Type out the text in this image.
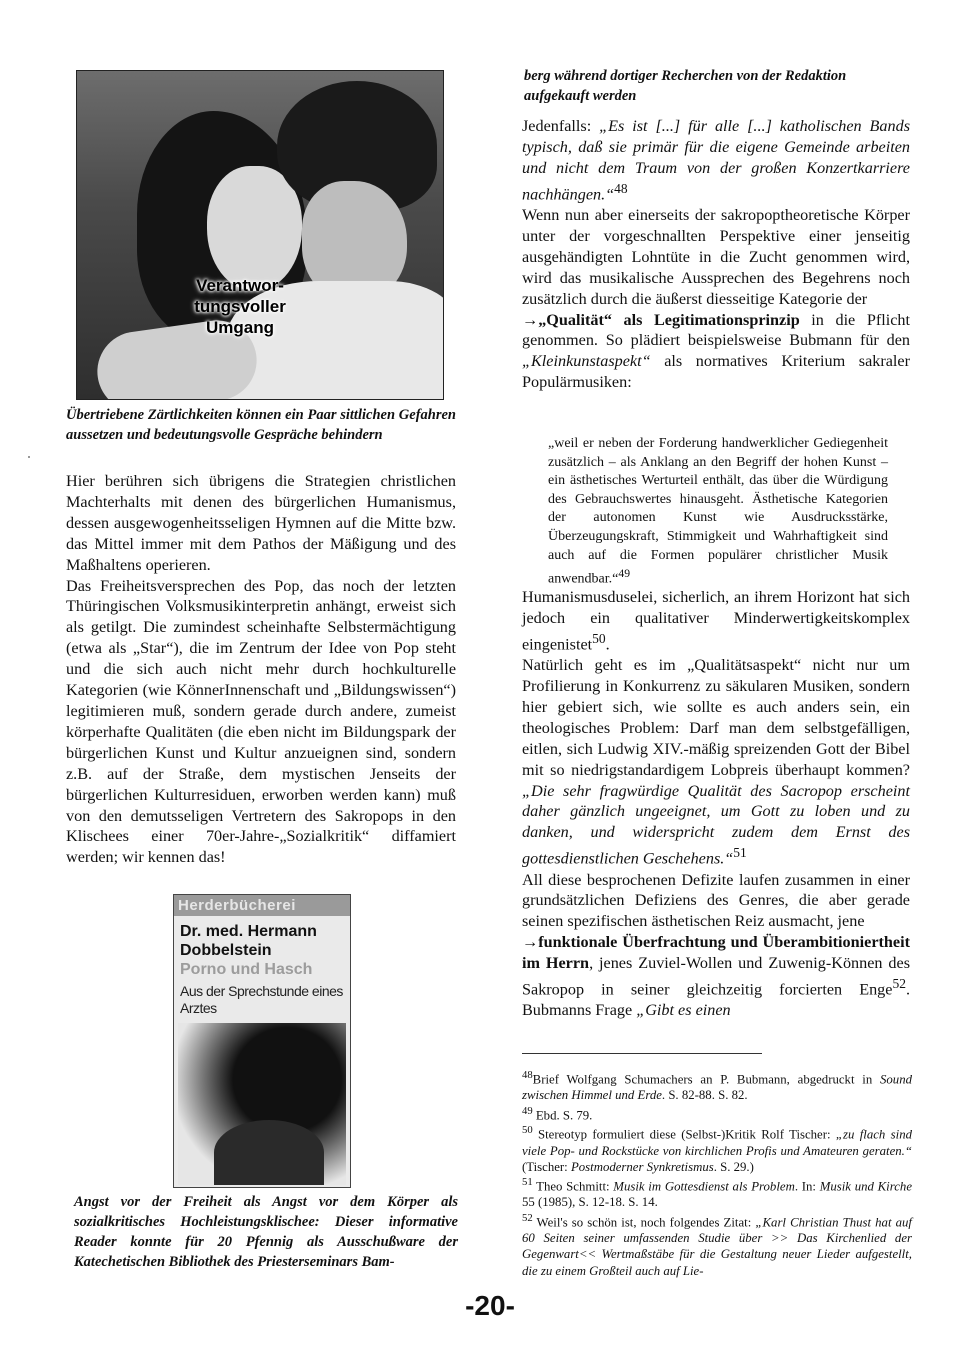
Verantwor-tungsvoller Umgang
Übertriebene Zärtlichkeiten können ein Paar sittlichen Gefahren aussetzen und bedeutungsvolle Gespräche behindern

Hier berühren sich übrigens die Strategien christlichen Machterhalts mit denen des bürgerlichen Humanismus, dessen ausgewogenheitsseligen Hymnen auf die Mitte bzw. das Mittel immer mit dem Pathos der Mäßigung und des Maßhaltens operieren.

Das Freiheitsversprechen des Pop, das noch der letzten Thüringischen Volksmusikinterpretin anhängt, erweist sich als getilgt. Die zumindest scheinhafte Selbstermächtigung (etwa als „Star“), die im Zentrum der Idee von Pop steht und die sich auch nicht mehr durch hochkulturelle Kategorien (wie KönnerInnenschaft und „Bildungswissen“) legitimieren muß, sondern gerade durch andere, zumeist körperhafte Qualitäten (die eben nicht im Bildungspark der bürgerlichen Kunst und Kultur anzueignen sind, sondern z.B. auf der Straße, dem mystischen Jenseits der bürgerlichen Kulturresiduen, erworben werden kann) muß von den demutsseligen Vertretern des Sakropops in den Klischees einer 70er-Jahre-„Sozialkritik“ diffamiert werden; wir kennen das!

Herderbücherei
Dr. med. Hermann Dobbelstein
Porno und Hasch
Aus der Sprechstunde eines Arztes
Angst vor der Freiheit als Angst vor dem Körper als sozialkritisches Hochleistungsklischee: Dieser informative Reader konnte für 20 Pfennig als Ausschußware der Katechetischen Bibliothek des Priesterseminars Bam-
berg während dortiger Recherchen von der Redaktion aufgekauft werden

Jedenfalls: „Es ist [...] für alle [...] katholischen Bands typisch, daß sie primär für die eigene Gemeinde arbeiten und nicht dem Traum von der großen Konzertkarriere nachhängen.“$^{48}$

Wenn nun aber einerseits der sakropoptheoretische Körper unter der vorgeschnallten Perspektive einer jenseitig ausgehändigten Lohntüte in die Zucht genommen wird, wird das musikalische Aussprechen des Begehrens noch zusätzlich durch die äußerst diesseitige Kategorie der

→„Qualität“ als Legitimationsprinzip in die Pflicht genommen. So plädiert beispielsweise Bubmann für den „Kleinkunstaspekt“ als normatives Kriterium sakraler Populärmusiken:

„weil er neben der Forderung handwerklicher Gediegenheit zusätzlich – als Anklang an den Begriff der hohen Kunst – ein ästhetisches Werturteil enthält, das über die Würdigung des Gebrauchswertes hinausgeht. Ästhetische Kategorien der autonomen Kunst wie Ausdrucksstärke, Überzeugungskraft, Stimmigkeit und Wahrhaftigkeit sind auch auf die Formen populärer christlicher Musik anwendbar.“$^{49}$

Humanismusduselei, sicherlich, an ihrem Horizont hat sich jedoch ein qualitativer Minderwertigkeitskomplex eingenistet$^{50}$.

Natürlich geht es im „Qualitätsaspekt“ nicht nur um Profilierung in Konkurrenz zu säkularen Musiken, sondern hier gebiert sich, wie sollte es auch anders sein, ein theologisches Problem: Darf man dem selbstgefälligen, eitlen, sich Ludwig XIV.-mäßig spreizenden Gott der Bibel mit so niedrigstandardigem Lobpreis überhaupt kommen? „Die sehr fragwürdige Qualität des Sacropop erscheint daher gänzlich ungeeignet, um Gott zu loben und zu danken, und widerspricht zudem dem Ernst des gottesdienstlichen Geschehens.“$^{51}$

All diese besprochenen Defizite laufen zusammen in einer grundsätzlichen Defiziens des Genres, die aber gerade seinen spezifischen ästhetischen Reiz ausmacht, jene

→funktionale Überfrachtung und Überambitioniertheit im Herrn, jenes Zuviel-Wollen und Zuwenig-Können des Sakropop in seiner gleichzeitig forcierten Enge$^{52}$. Bubmanns Frage „Gibt es einen

$^{48}$Brief Wolfgang Schumachers an P. Bubmann, abgedruckt in Sound zwischen Himmel und Erde. S. 82-88. S. 82.

$^{49}$ Ebd. S. 79.

$^{50}$ Stereotyp formuliert diese (Selbst-)Kritik Rolf Tischer: „zu flach sind viele Pop- und Rockstücke von kirchlichen Profis und Amateuren geraten.“ (Tischer: Postmoderner Synkretismus. S. 29.)

$^{51}$ Theo Schmitt: Musik im Gottesdienst als Problem. In: Musik und Kirche 55 (1985), S. 12-18. S. 14.

$^{52}$ Weil's so schön ist, noch folgendes Zitat: „Karl Christian Thust hat auf 60 Seiten seiner umfassenden Studie über >> Das Kirchenlied der Gegenwart<< Wertmaßstäbe für die Gestaltung neuer Lieder aufgestellt, die zu einem Großteil auch auf Lie-

-20-
